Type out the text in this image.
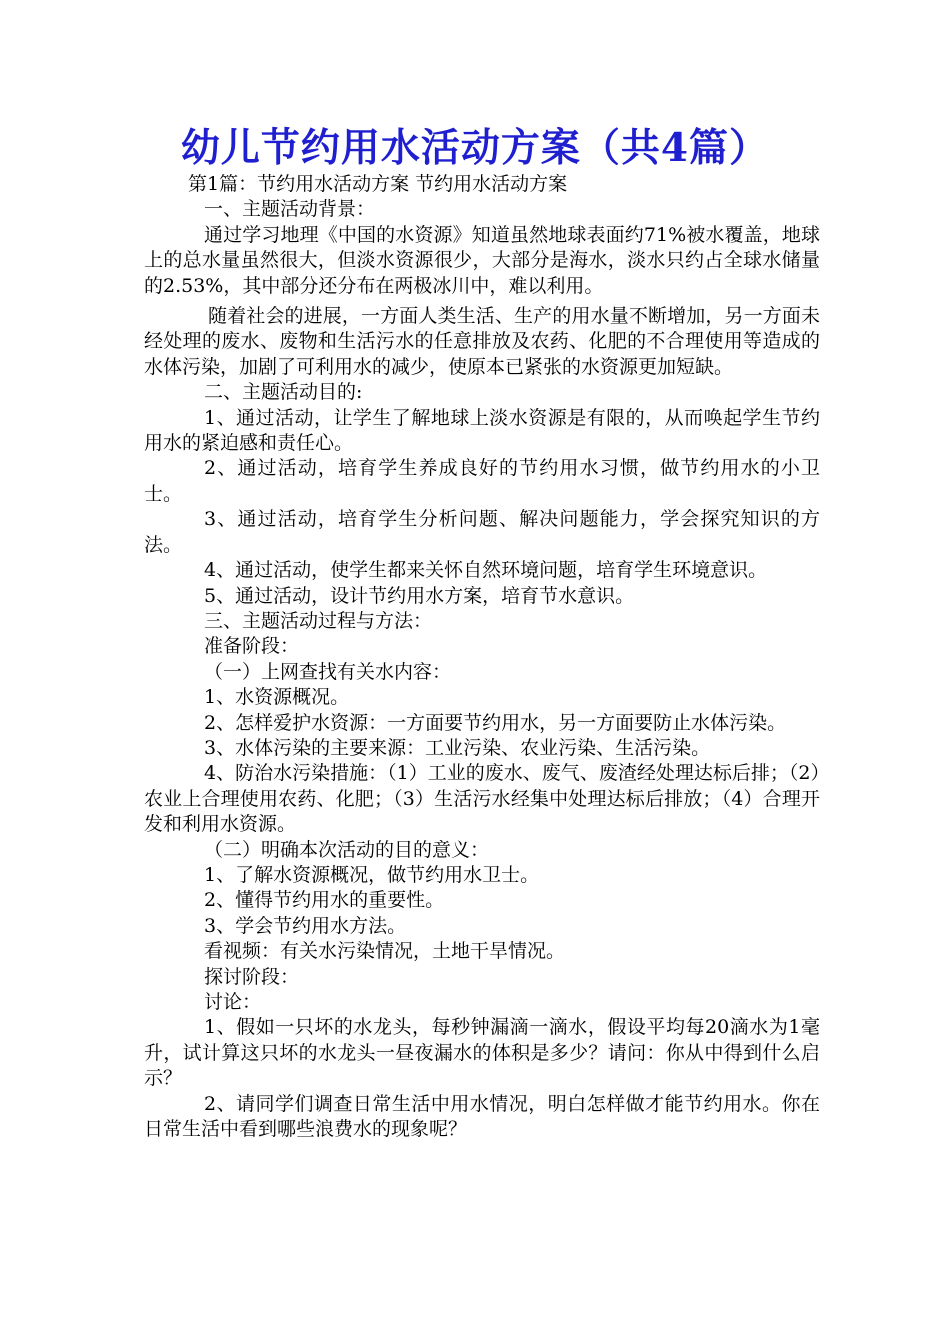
幼儿节约用水活动方案（共4篇）

第1篇：节约用水活动方案 节约用水活动方案

一、主题活动背景：

通过学习地理《中国的水资源》知道虽然地球表面约71%被水覆盖，地球上的总水量虽然很大，但淡水资源很少，大部分是海水，淡水只约占全球水储量的2.53%，其中部分还分布在两极冰川中，难以利用。

随着社会的进展，一方面人类生活、生产的用水量不断增加，另一方面未经处理的废水、废物和生活污水的任意排放及农药、化肥的不合理使用等造成的水体污染，加剧了可利用水的减少，使原本已紧张的水资源更加短缺。

二、主题活动目的:

1、通过活动，让学生了解地球上淡水资源是有限的，从而唤起学生节约用水的紧迫感和责任心。

2、通过活动，培育学生养成良好的节约用水习惯，做节约用水的小卫士。

3、通过活动，培育学生分析问题、解决问题能力，学会探究知识的方法。

4、通过活动，使学生都来关怀自然环境问题，培育学生环境意识。

5、通过活动，设计节约用水方案，培育节水意识。

三、主题活动过程与方法：

准备阶段：

（一）上网查找有关水内容：

1、水资源概况。

2、怎样爱护水资源：一方面要节约用水，另一方面要防止水体污染。

3、水体污染的主要来源：工业污染、农业污染、生活污染。

4、防治水污染措施：（1）工业的废水、废气、废渣经处理达标后排；（2）农业上合理使用农药、化肥；（3）生活污水经集中处理达标后排放；（4）合理开发和利用水资源。

（二）明确本次活动的目的意义：

1、了解水资源概况，做节约用水卫士。

2、懂得节约用水的重要性。

3、学会节约用水方法。

看视频：有关水污染情况，土地干旱情况。

探讨阶段：

讨论：

1、假如一只坏的水龙头，每秒钟漏滴一滴水，假设平均每20滴水为1毫升，试计算这只坏的水龙头一昼夜漏水的体积是多少？请问：你从中得到什么启示？

2、请同学们调查日常生活中用水情况，明白怎样做才能节约用水。你在日常生活中看到哪些浪费水的现象呢？
